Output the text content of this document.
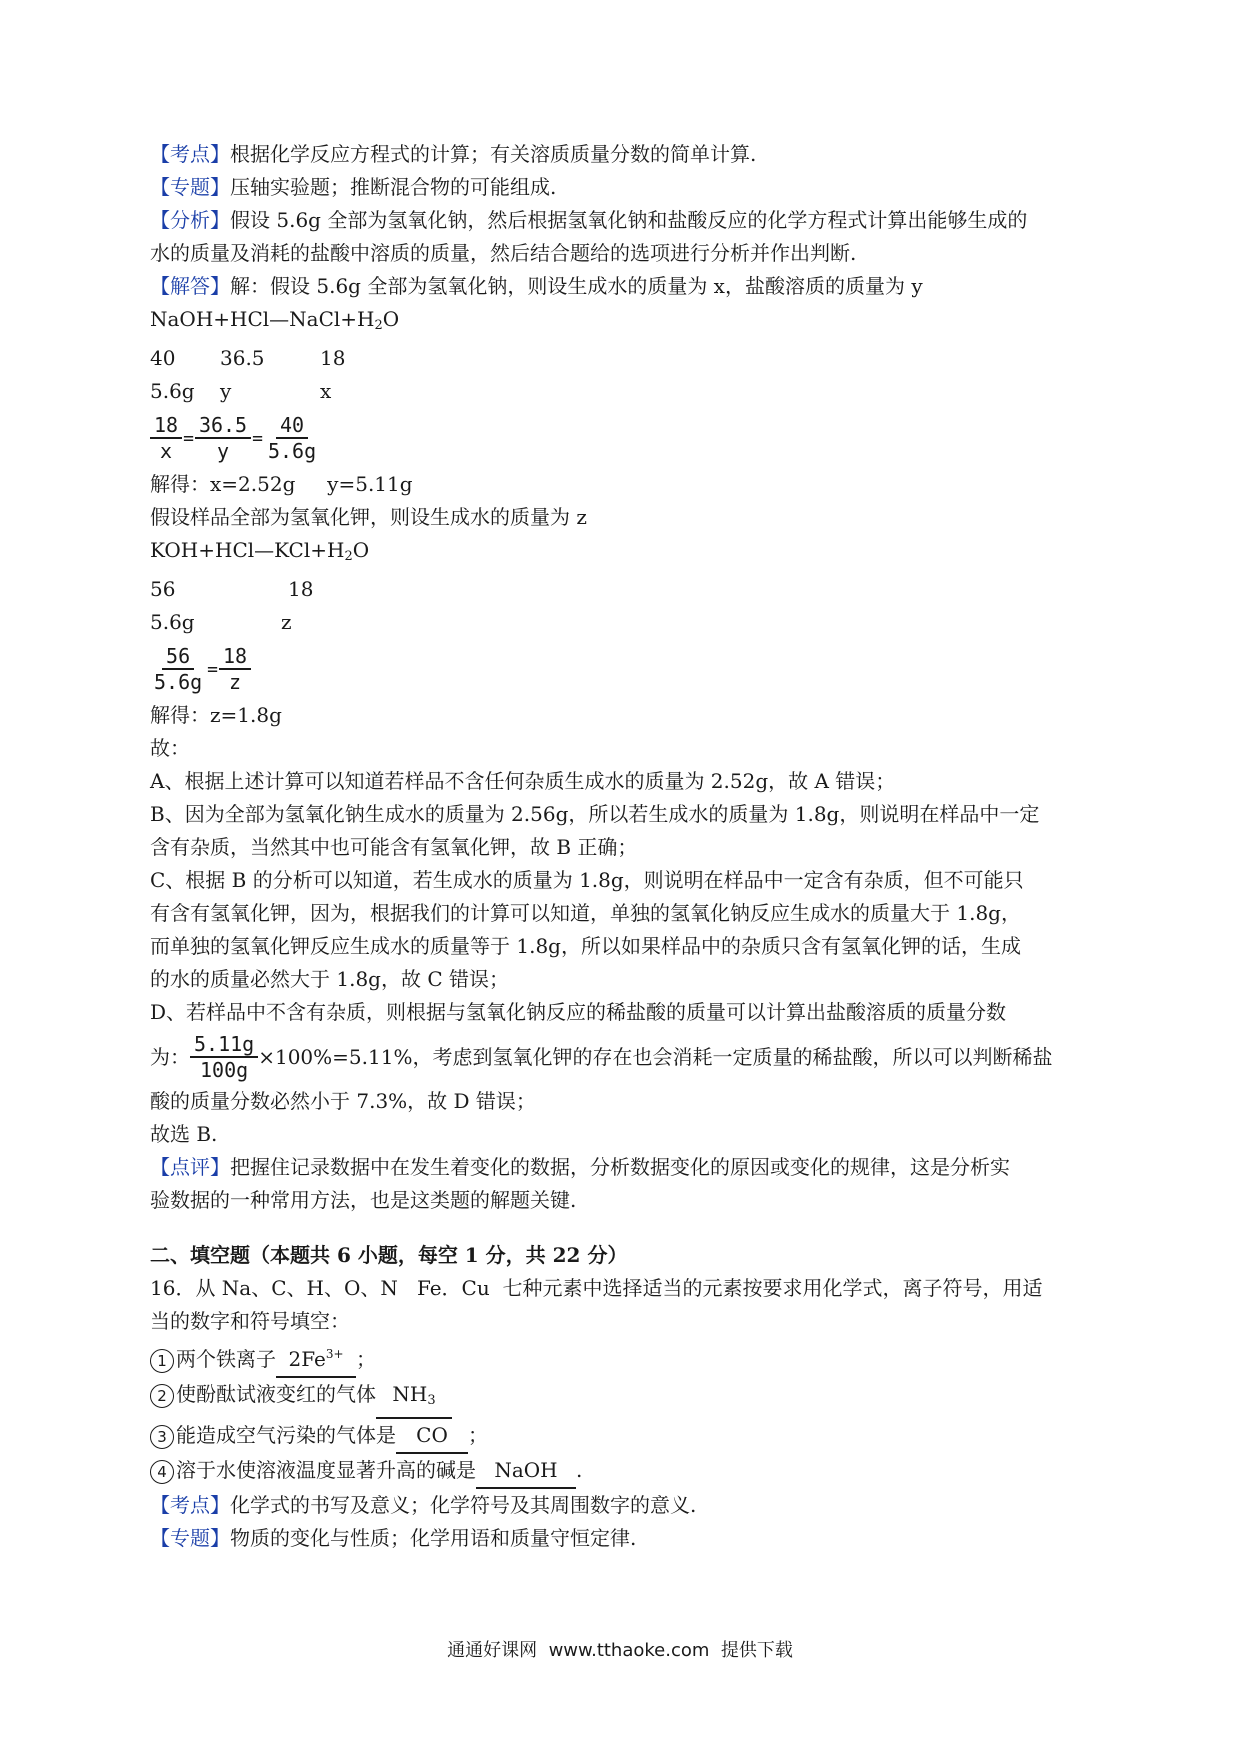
【考点】根据化学反应方程式的计算；有关溶质质量分数的简单计算.
【专题】压轴实验题；推断混合物的可能组成.
【分析】假设 5.6g 全部为氢氧化钠，然后根据氢氧化钠和盐酸反应的化学方程式计算出能够生成的
水的质量及消耗的盐酸中溶质的质量，然后结合题给的选项进行分析并作出判断.
【解答】解：假设 5.6g 全部为氢氧化钠，则设生成水的质量为 x，盐酸溶质的质量为 y
$NaOH+HCl—NaCl+H_2O$
40 36.5	18
5.6g y	x
$\frac{18}{x} = \frac{36.5}{y} = \frac{40}{5.6g}$
解得：x=2.52g     y=5.11g
假设样品全部为氢氧化钾，则设生成水的质量为 z
$KOH+HCl—KCl+H_2O$
56	18
5.6g	z
$\frac{56}{5.6g} = \frac{18}{z}$
解得：z=1.8g
故：
A、根据上述计算可以知道若样品不含任何杂质生成水的质量为 2.52g，故 A 错误；
B、因为全部为氢氧化钠生成水的质量为 2.56g，所以若生成水的质量为 1.8g，则说明在样品中一定
含有杂质，当然其中也可能含有氢氧化钾，故 B 正确；
C、根据 B 的分析可以知道，若生成水的质量为 1.8g，则说明在样品中一定含有杂质，但不可能只
有含有氢氧化钾，因为，根据我们的计算可以知道，单独的氢氧化钠反应生成水的质量大于 1.8g，
而单独的氢氧化钾反应生成水的质量等于 1.8g，所以如果样品中的杂质只含有氢氧化钾的话，生成
的水的质量必然大于 1.8g，故 C 错误；
D、若样品中不含有杂质，则根据与氢氧化钠反应的稀盐酸的质量可以计算出盐酸溶质的质量分数
为： $\frac{5.11g}{100g} \times 100\%=5.11\%$，考虑到氢氧化钾的存在也会消耗一定质量的稀盐酸，所以可以判断稀盐
酸的质量分数必然小于 7.3%，故 D 错误；
故选 B.
【点评】把握住记录数据中在发生着变化的数据，分析数据变化的原因或变化的规律，这是分析实
验数据的一种常用方法，也是这类题的解题关键.
二、填空题（本题共 6 小题，每空 1 分，共 22 分）
16．从 Na、C、H、O、N   Fe．Cu  七种元素中选择适当的元素按要求用化学式，离子符号，用适
当的数字和符号填空：
1 两个铁离子 $2Fe^{3+}$ ；
2 使酚酞试液变红的气体 $NH_3$
3 能造成空气污染的气体是 CO ；
4 溶于水使溶液温度显著升高的碱是 NaOH .
【考点】化学式的书写及意义；化学符号及其周围数字的意义.
【专题】物质的变化与性质；化学用语和质量守恒定律.
通通好课网  www.tthaoke.com  提供下载
